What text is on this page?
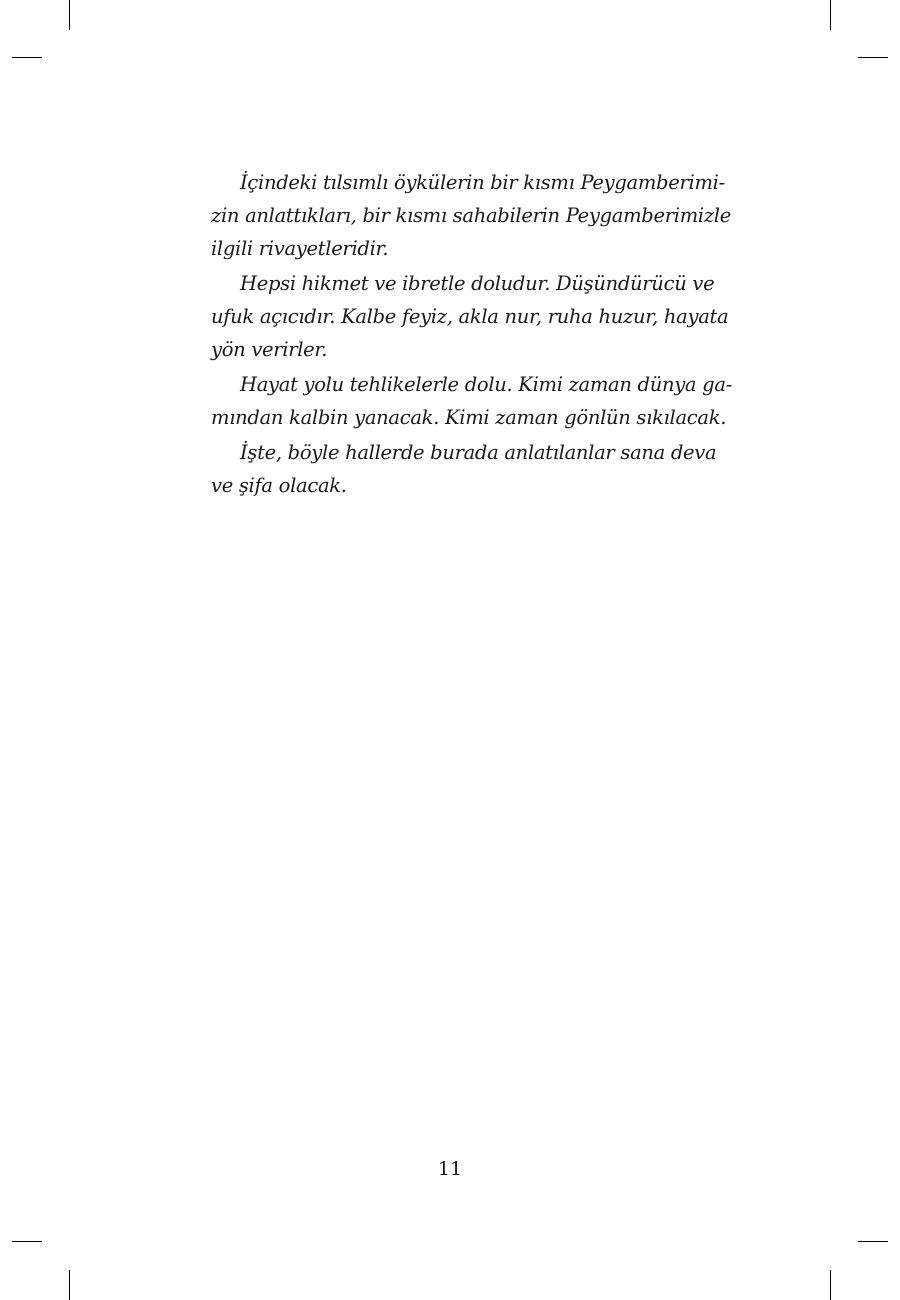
İçindeki tılsımlı öykülerin bir kısmı Peygamberimi-
zin anlattıkları, bir kısmı sahabilerin Peygamberimizle
ilgili rivayetleridir.

Hepsi hikmet ve ibretle doludur. Düşündürücü ve
ufuk açıcıdır. Kalbe feyiz, akla nur, ruha huzur, hayata
yön verirler.

Hayat yolu tehlikelerle dolu. Kimi zaman dünya ga-
mından kalbin yanacak. Kimi zaman gönlün sıkılacak.

İşte, böyle hallerde burada anlatılanlar sana deva
ve şifa olacak.

11
